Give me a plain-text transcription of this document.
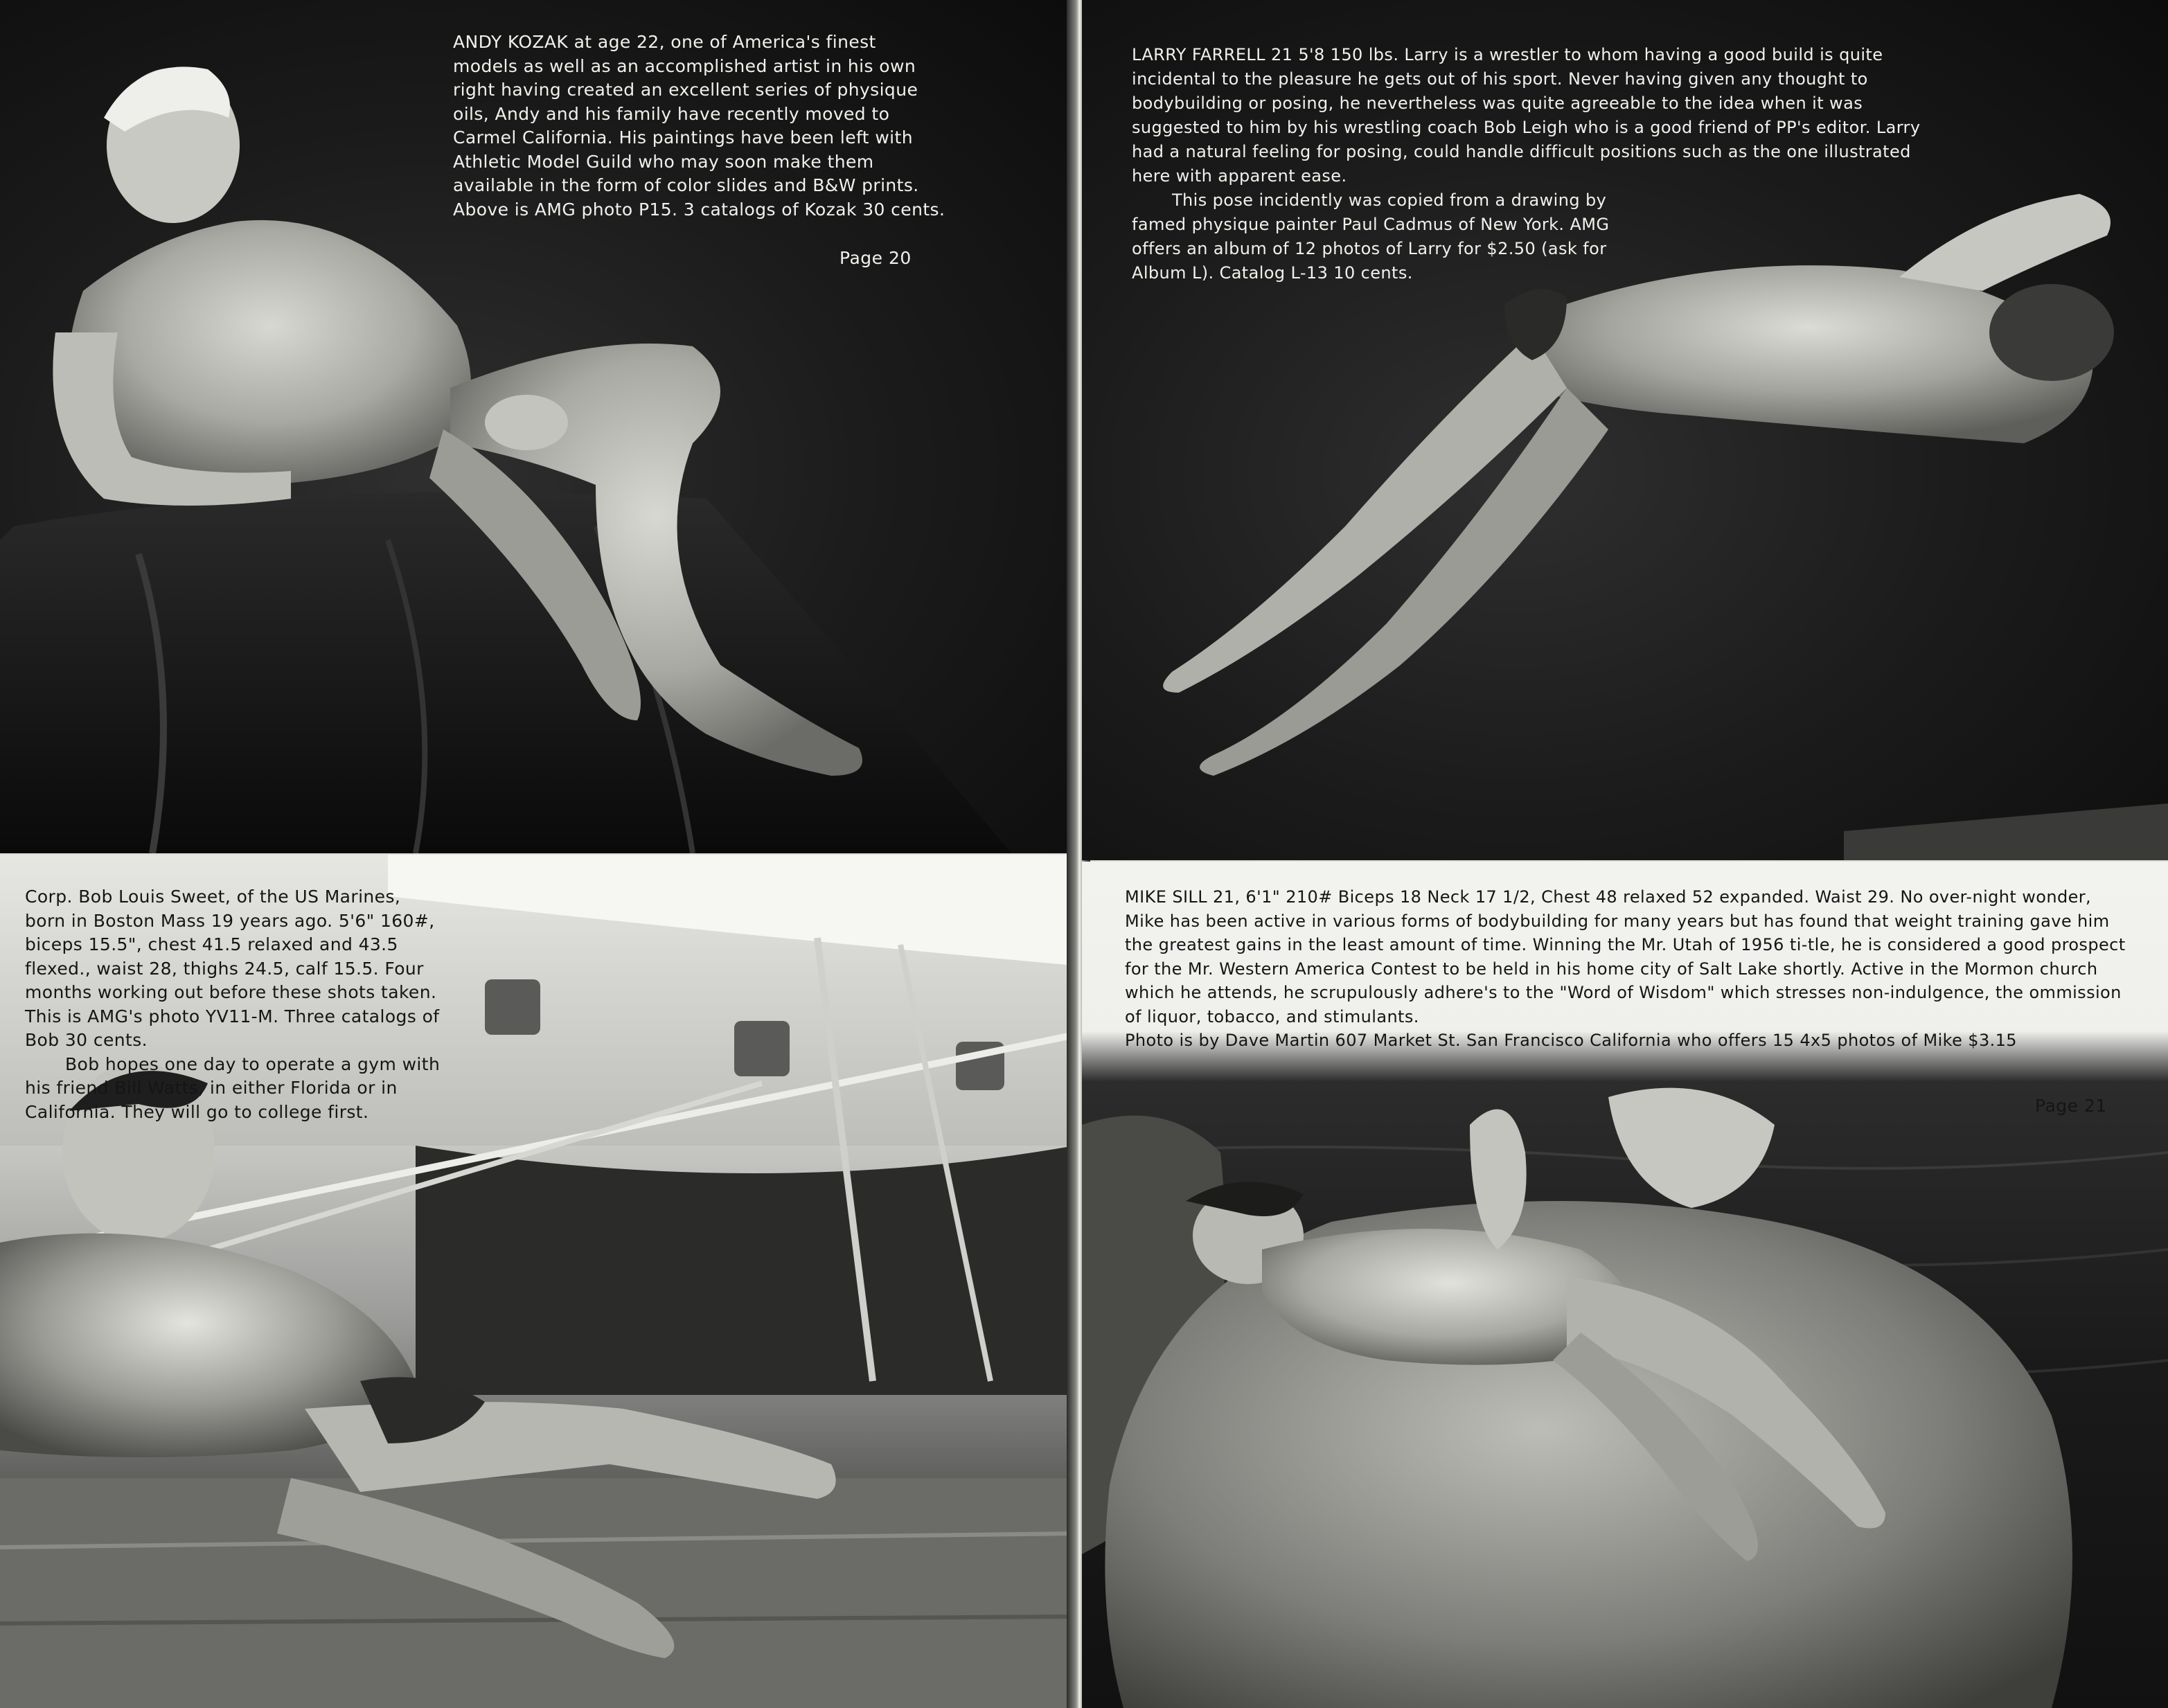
ANDY KOZAK at age 22, one of America's finest models as well as an accomplished artist in his own right having created an excellent series of physique oils, Andy and his family have recently moved to Carmel California. His paintings have been left with Athletic Model Guild who may soon make them available in the form of color slides and B&W prints. Above is AMG photo P15. 3 catalogs of Kozak 30 cents.

Page 20

Corp. Bob Louis Sweet, of the US Marines, born in Boston Mass 19 years ago. 5'6" 160#, biceps 15.5", chest 41.5 relaxed and 43.5 flexed., waist 28, thighs 24.5, calf 15.5. Four months working out before these shots taken. This is AMG's photo YV11-M. Three catalogs of Bob 30 cents.

Bob hopes one day to operate a gym with his friend Bill Watts, in either Florida or in California. They will go to college first.

LARRY FARRELL 21 5'8 150 lbs. Larry is a wrestler to whom having a good build is quite incidental to the pleasure he gets out of his sport. Never having given any thought to bodybuilding or posing, he nevertheless was quite agreeable to the idea when it was suggested to him by his wrestling coach Bob Leigh who is a good friend of PP's editor. Larry had a natural feeling for posing, could handle difficult positions such as the one illustrated here with apparent ease.

This pose incidently was copied from a drawing by famed physique painter Paul Cadmus of New York. AMG offers an album of 12 photos of Larry for $2.50 (ask for Album L). Catalog L-13 10 cents.

MIKE SILL 21, 6'1" 210# Biceps 18 Neck 17 1/2, Chest 48 relaxed 52 expanded. Waist 29. No over-night wonder, Mike has been active in various forms of bodybuilding for many years but has found that weight training gave him the greatest gains in the least amount of time. Winning the Mr. Utah of 1956 ti-tle, he is considered a good prospect for the Mr. Western America Contest to be held in his home city of Salt Lake shortly. Active in the Mormon church which he attends, he scrupulously adhere's to the "Word of Wisdom" which stresses non-indulgence, the ommission of liquor, tobacco, and stimulants.

Photo is by Dave Martin 607 Market St. San Francisco California who offers 15 4x5 photos of Mike $3.15

Page 21
